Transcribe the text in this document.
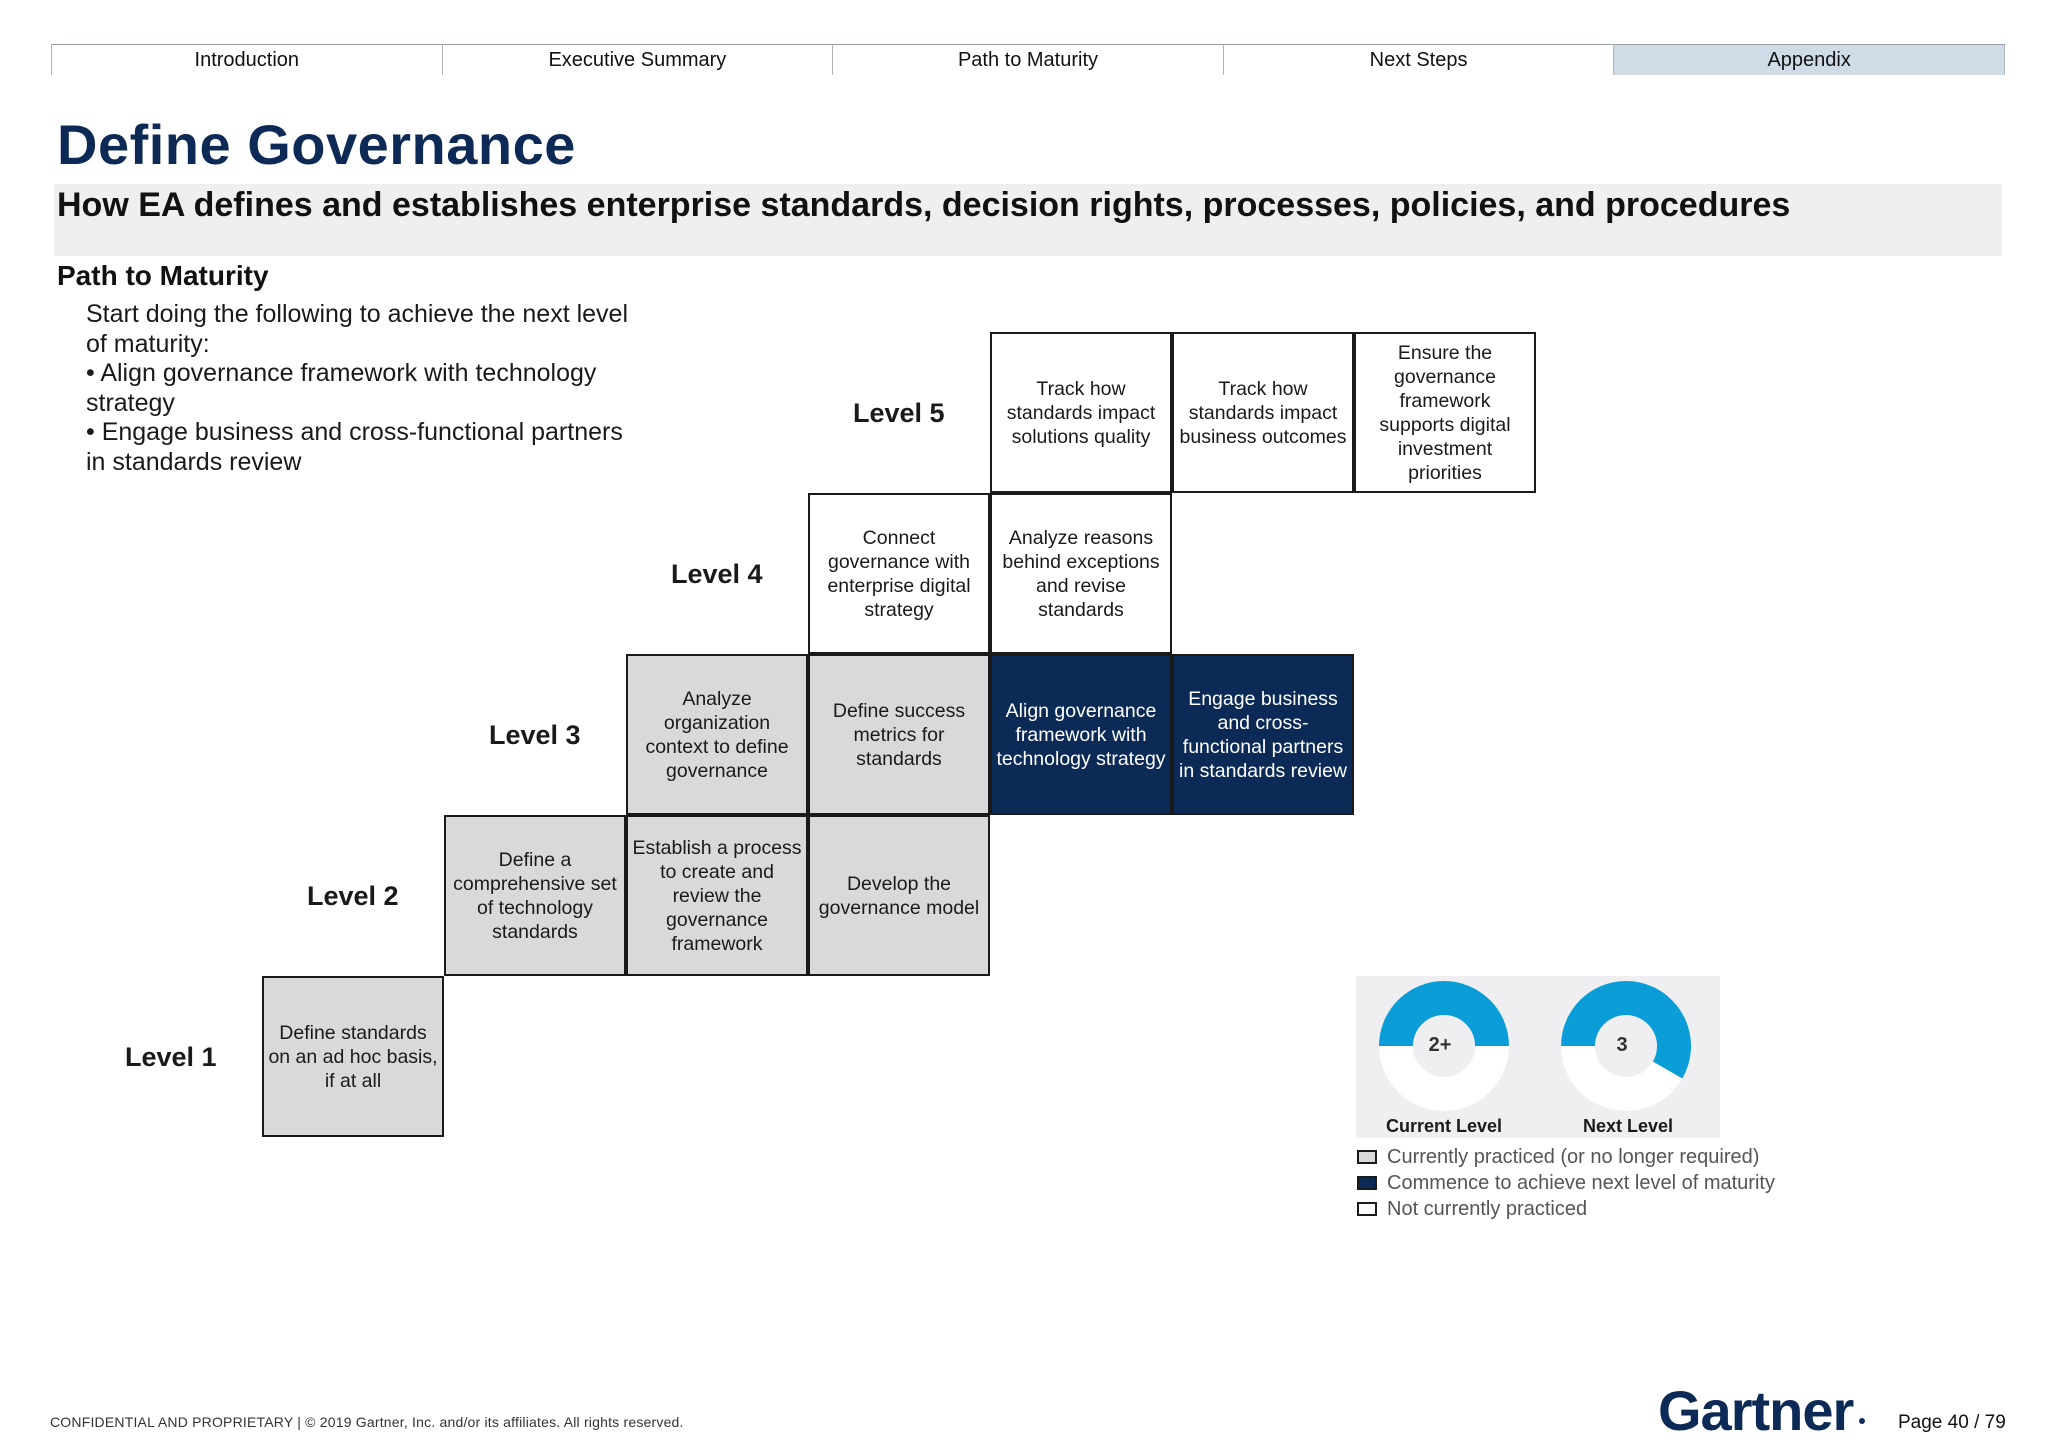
Introduction	Executive Summary	Path to Maturity	Next Steps	Appendix
Define Governance
How EA defines and establishes enterprise standards, decision rights, processes, policies, and procedures
Path to Maturity

Start doing the following to achieve the next level of maturity:

• Align governance framework with technology strategy

• Engage business and cross-functional partners in standards review

Level 1
Level 2
Level 3
Level 4
Level 5
Define standards on an ad hoc basis, if at all
Define a comprehensive set of technology standards
Establish a process to create and review the governance framework
Develop the governance model
Analyze organization context to define governance
Define success metrics for standards
Align governance framework with technology strategy
Engage business and cross-functional partners in standards review
Connect governance with enterprise digital strategy
Analyze reasons behind exceptions and revise standards
Track how standards impact solutions quality
Track how standards impact business outcomes
Ensure the governance framework supports digital investment priorities
2+	3
Current Level	Next Level
Currently practiced (or no longer required)
Commence to achieve next level of maturity
Not currently practiced
CONFIDENTIAL AND PROPRIETARY | © 2019 Gartner, Inc. and/or its affiliates. All rights reserved.	Gartner Page 40 / 79
